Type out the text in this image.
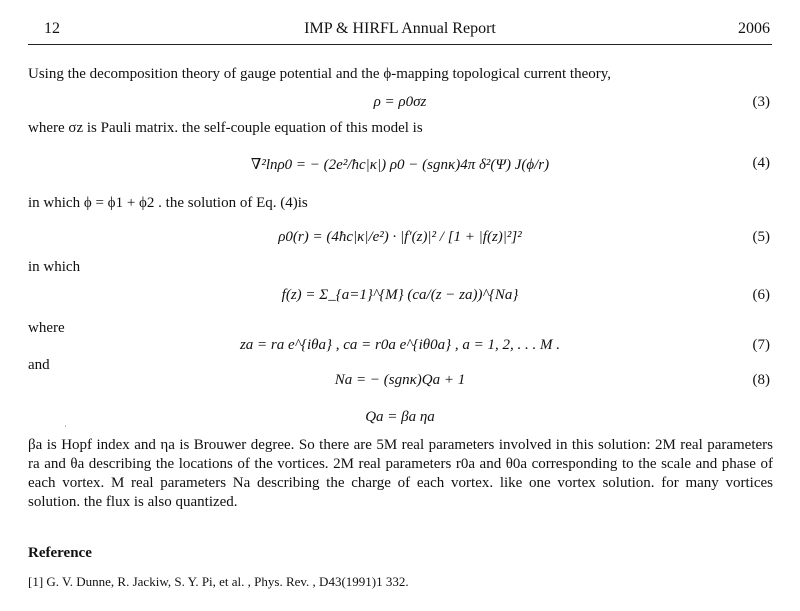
12	IMP & HIRFL Annual Report	2006
Using the decomposition theory of gauge potential and the ϕ-mapping topological current theory,
ρ = ρ0σz	(3)
where σz is Pauli matrix. the self-couple equation of this model is
∇²lnρ0 = − (2e²/ħc|κ|) ρ0 − (sgnκ)4π δ²(Ψ) J(ϕ/r)	(4)
in which ϕ = ϕ1 + ϕ2 . the solution of Eq. (4)is
ρ0(r) = (4ħc|κ|/e²) · |f′(z)|² / [1 + |f(z)|²]²	(5)
in which
f(z) = Σ_{a=1}^{M} (ca/(z − za))^{Na}	(6)
where
za = ra e^{iθa} , ca = r0a e^{iθ0a} , a = 1, 2, . . . M .	(7)
and
Na = − (sgnκ)Qa + 1	(8)
·
Qa = βa ηa
βa is Hopf index and ηa is Brouwer degree. So there are 5M real parameters involved in this solution: 2M real parameters ra and θa describing the locations of the vortices. 2M real parameters r0a and θ0a corresponding to the scale and phase of each vortex. M real parameters Na describing the charge of each vortex. like one vortex solution. for many vortices solution. the flux is also quantized.
Reference
[1] G. V. Dunne, R. Jackiw, S. Y. Pi, et al. , Phys. Rev. , D43(1991)1 332.
